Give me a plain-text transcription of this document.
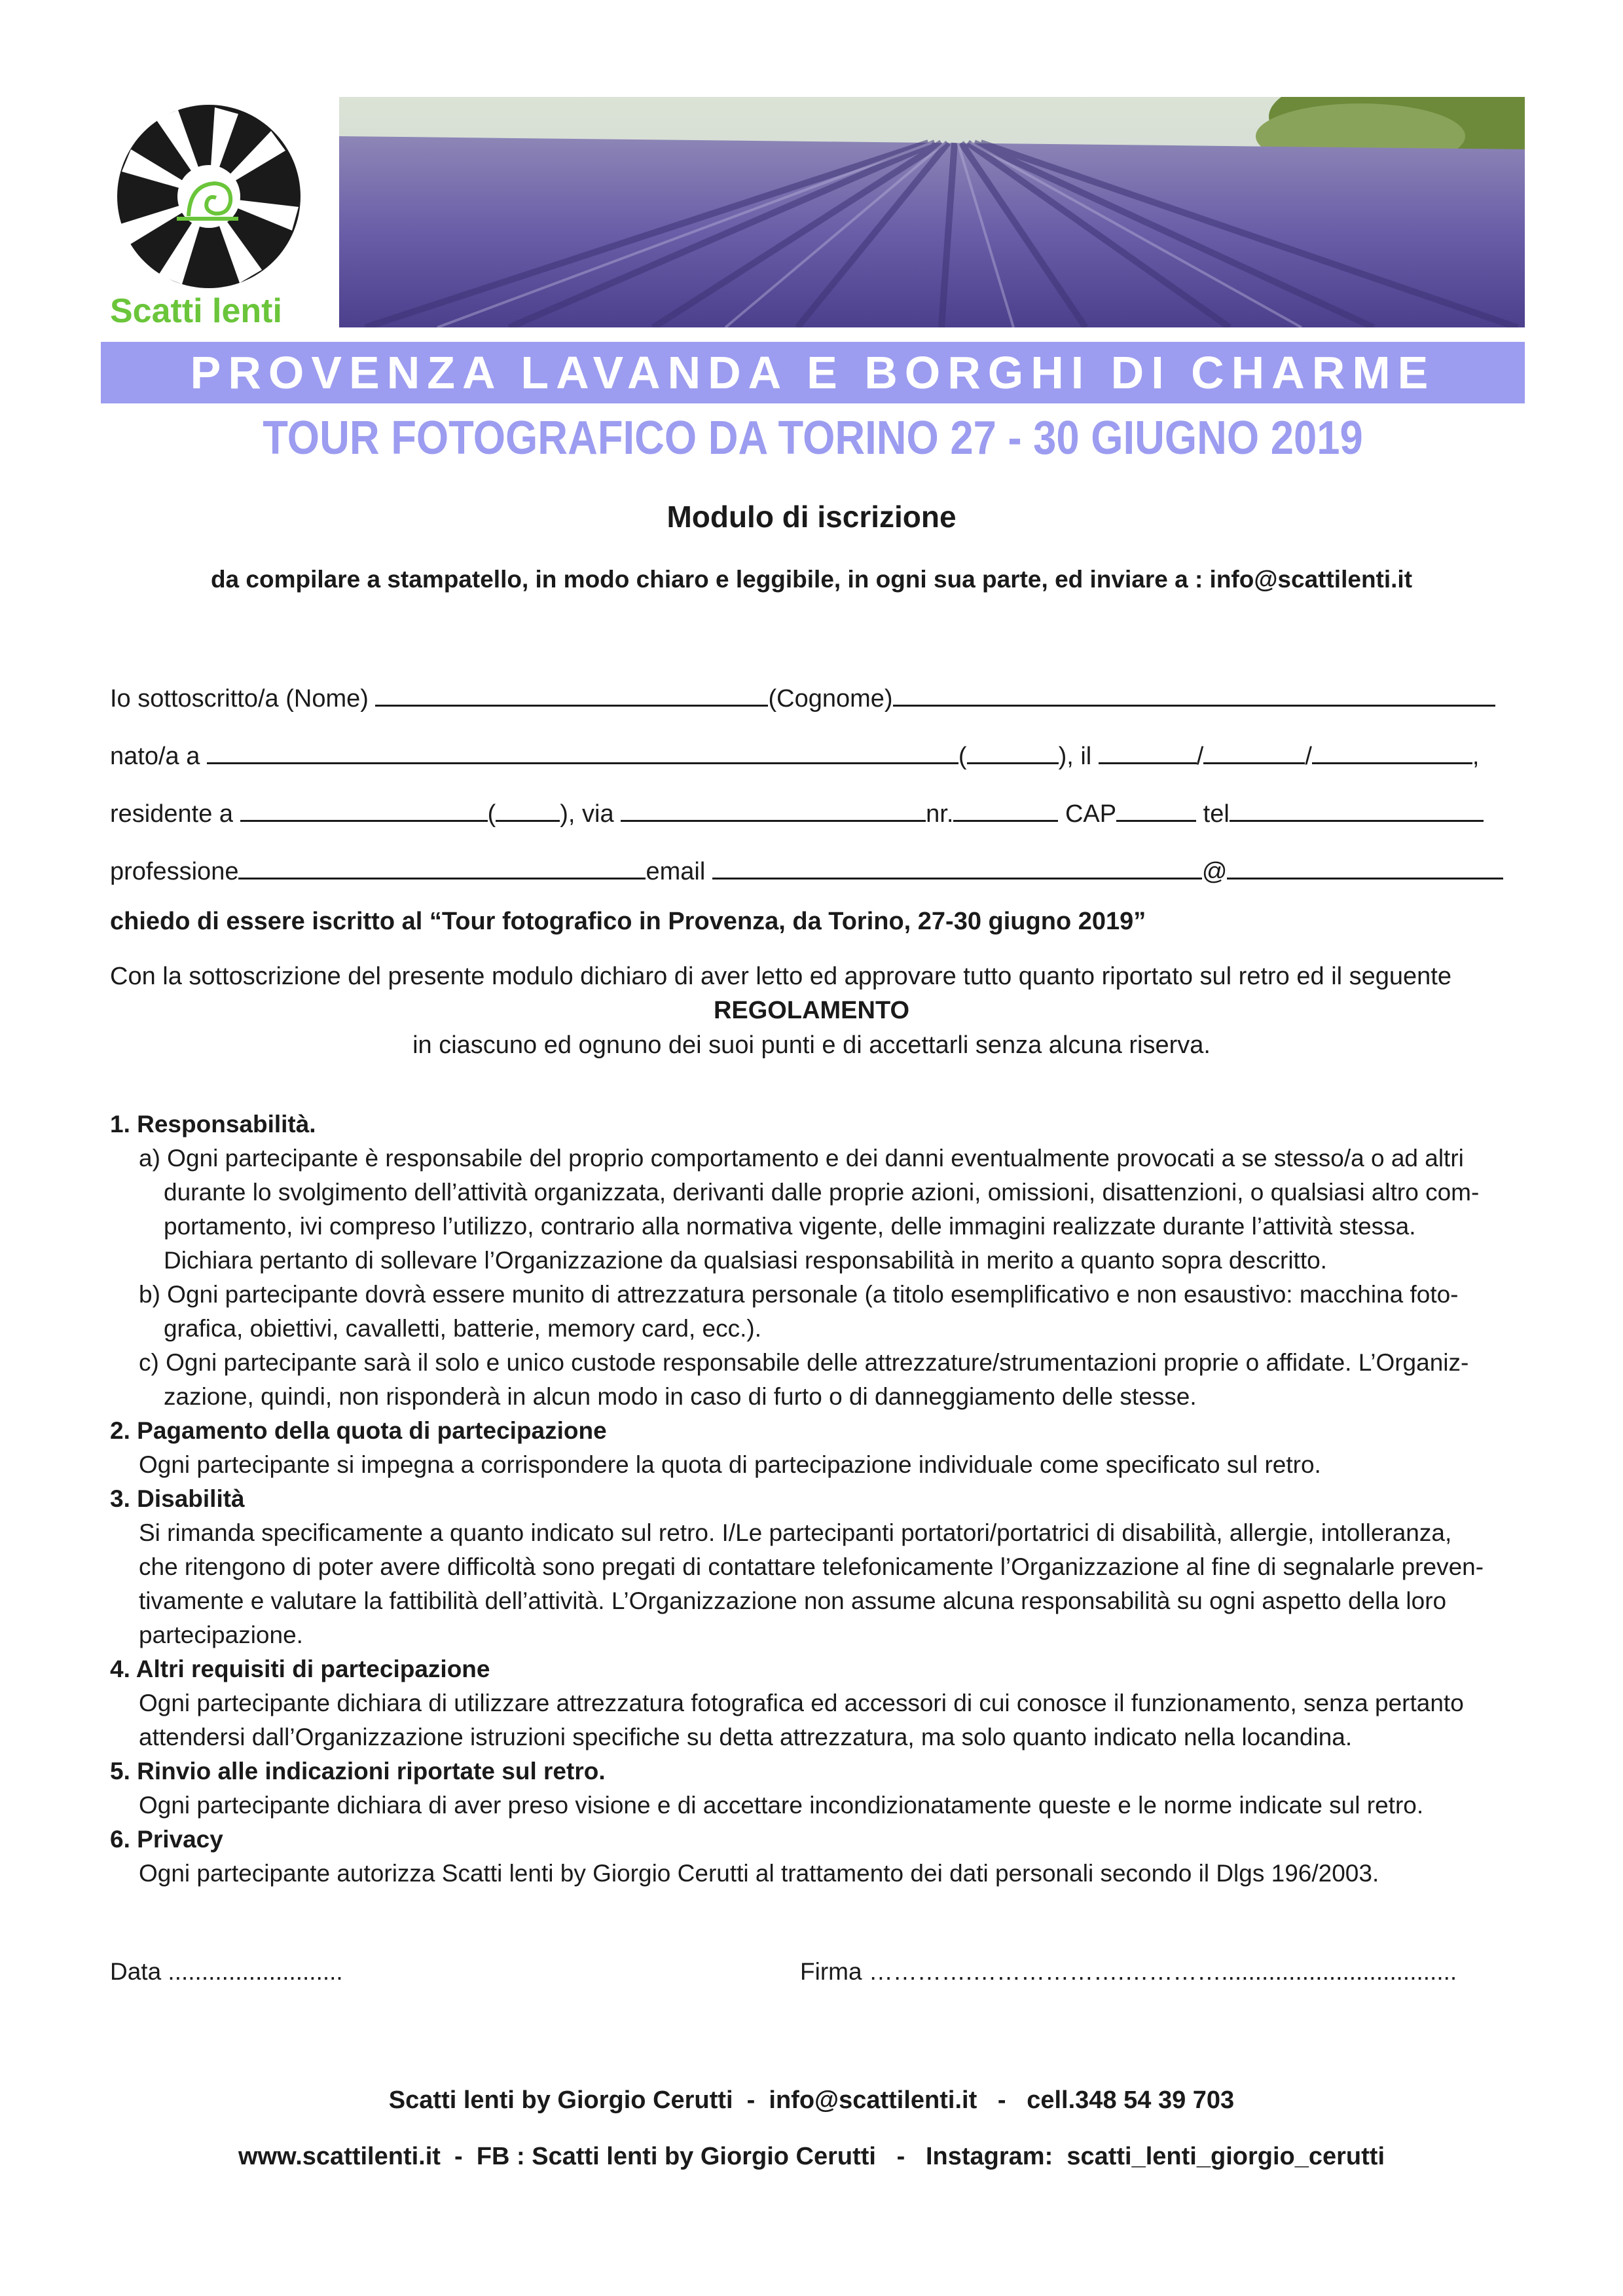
Scatti lenti
PROVENZA LAVANDA E BORGHI DI CHARME
TOUR FOTOGRAFICO DA TORINO 27 - 30 GIUGNO 2019
Modulo di iscrizione
da compilare a stampatello, in modo chiaro e leggibile, in ogni sua parte, ed inviare a : info@scattilenti.it
Io sottoscritto/a (Nome)	(Cognome)
nato/a a	(	), il	/	/	,
residente a	(	), via	nr.	CAP	tel
professione	email	@
chiedo di essere iscritto al “Tour fotografico in Provenza, da Torino, 27-30 giugno 2019”
Con la sottoscrizione del presente modulo dichiaro di aver letto ed approvare tutto quanto riportato sul retro ed il seguente
REGOLAMENTO
in ciascuno ed ognuno dei suoi punti e di accettarli senza alcuna riserva.
1. Responsabilità.
a) Ogni partecipante è responsabile del proprio comportamento e dei danni eventualmente provocati a se stesso/a o ad altri
durante lo svolgimento dell’attività organizzata, derivanti dalle proprie azioni, omissioni, disattenzioni, o qualsiasi altro com-
portamento, ivi compreso l’utilizzo, contrario alla normativa vigente, delle immagini realizzate durante l’attività stessa.
Dichiara pertanto di sollevare l’Organizzazione da qualsiasi responsabilità in merito a quanto sopra descritto.
b) Ogni partecipante dovrà essere munito di attrezzatura personale (a titolo esemplificativo e non esaustivo: macchina foto-
grafica, obiettivi, cavalletti, batterie, memory card, ecc.).
c) Ogni partecipante sarà il solo e unico custode responsabile delle attrezzature/strumentazioni proprie o affidate. L’Organiz-
zazione, quindi, non risponderà in alcun modo in caso di furto o di danneggiamento delle stesse.
2. Pagamento della quota di partecipazione
Ogni partecipante si impegna a corrispondere la quota di partecipazione individuale come specificato sul retro.
3. Disabilità
Si rimanda specificamente a quanto indicato sul retro. I/Le partecipanti portatori/portatrici di disabilità, allergie, intolleranza,
che ritengono di poter avere difficoltà sono pregati di contattare telefonicamente l’Organizzazione al fine di segnalarle preven-
tivamente e valutare la fattibilità dell’attività. L’Organizzazione non assume alcuna responsabilità su ogni aspetto della loro
partecipazione.
4. Altri requisiti di partecipazione
Ogni partecipante dichiara di utilizzare attrezzatura fotografica ed accessori di cui conosce il funzionamento, senza pertanto
attendersi dall’Organizzazione istruzioni specifiche su detta attrezzatura, ma solo quanto indicato nella locandina.
5. Rinvio alle indicazioni riportate sul retro.
Ogni partecipante dichiara di aver preso visione e di accettare incondizionatamente queste e le norme indicate sul retro.
6. Privacy
Ogni partecipante autorizza Scatti lenti by Giorgio Cerutti al trattamento dei dati personali secondo il Dlgs 196/2003.
Data ..........................	Firma ………….……………….…………...................................
Scatti lenti by Giorgio Cerutti  -  info@scattilenti.it   -   cell.348 54 39 703
www.scattilenti.it  -  FB : Scatti lenti by Giorgio Cerutti   -   Instagram:  scatti_lenti_giorgio_cerutti
